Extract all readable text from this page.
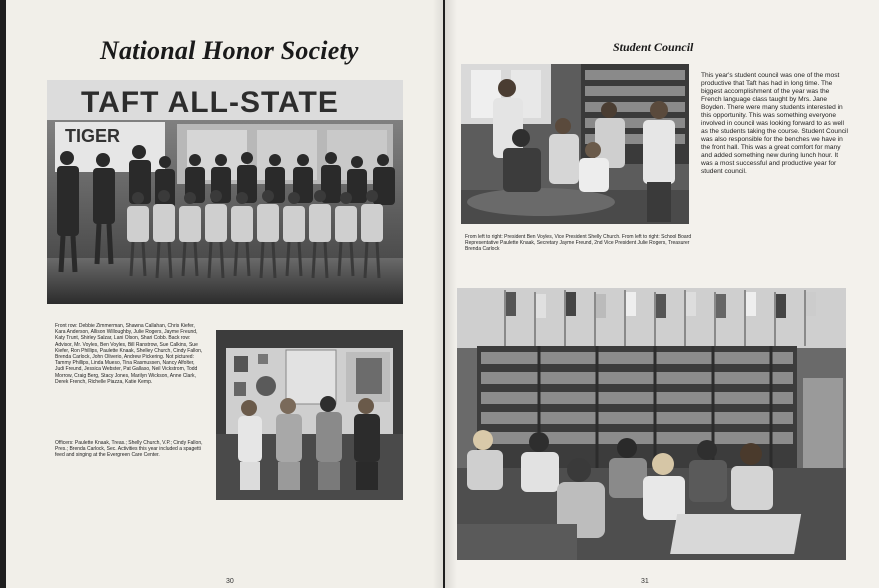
National Honor Society
TAFT ALL-STATE
TIGER

Front row: Debbie Zimmerman, Shawna Callahan, Chris Kiefer, Kara Anderson, Allison Willoughby, Julie Rogers, Jayme Freund, Katy Trunt, Shirley Salzar, Lani Olson, Shari Cobb. Back row: Advisor, Mr. Voyles, Ben Voyles, Bill Ranstrow, Sue Calkins, Sue Kiefer, Ron Phillips, Paulette Knaak, Shelley Church, Cindy Fallon, Brenda Carlock, John Oliverio, Andrew Pickering. Not pictured: Tammy Phillips, Linda Mueso, Tina Rasmussen, Nancy Alfolter, Judi Freund, Jessica Webster, Pat Gallaso, Neil Vickstrom, Todd Morrow, Craig Berg, Stacy Jones, Marilyn Wickson, Anne Clark, Derek French, Richelle Piazza, Katie Kemp.

Officers: Paulette Knaak, Treas.; Shelly Church, V.P.; Cindy Fallon, Pres.; Brenda Carlock, Sec. Activities this year included a spagetti feed and singing at the Evergreen Care Center.

30
Student Council

From left to right: President Ben Voyles, Vice President Shelly Church. From left to right: School Board Representative Paulette Knaak, Secretary Jayme Freund, 2nd Vice President Julie Rogers, Treasurer Brenda Carlock

This year's student council was one of the most productive that Taft has had in long time. The biggest accomplishment of the year was the French language class taught by Mrs. Jane Boyden. There were many students interested in this opportunity. This was something everyone involved in council was looking forward to as well as the students taking the course. Student Council was also responsible for the benches we have in the front hall. This was a great comfort for many and added something new during lunch hour. It was a most successful and productive year for student council.

31
